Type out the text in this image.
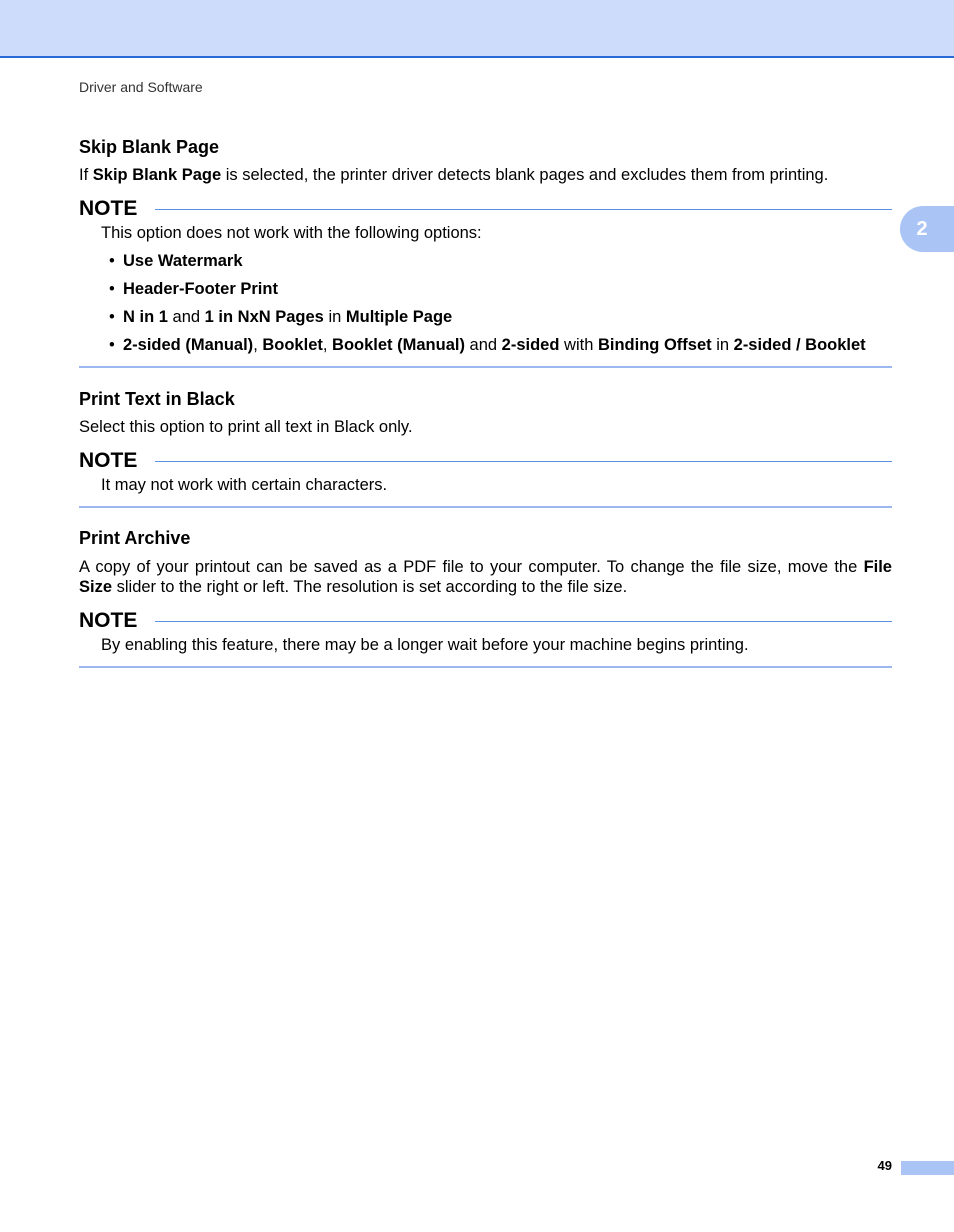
Driver and Software
2
Skip Blank Page

If Skip Blank Page is selected, the printer driver detects blank pages and excludes them from printing.

NOTE

This option does not work with the following options:

• Use Watermark
• Header-Footer Print
• N in 1 and 1 in NxN Pages in Multiple Page
• 2-sided (Manual), Booklet, Booklet (Manual) and 2-sided with Binding Offset in 2-sided / Booklet
Print Text in Black

Select this option to print all text in Black only.

NOTE

It may not work with certain characters.

Print Archive

A copy of your printout can be saved as a PDF file to your computer. To change the file size, move the File Size slider to the right or left. The resolution is set according to the file size.

NOTE

By enabling this feature, there may be a longer wait before your machine begins printing.

49
